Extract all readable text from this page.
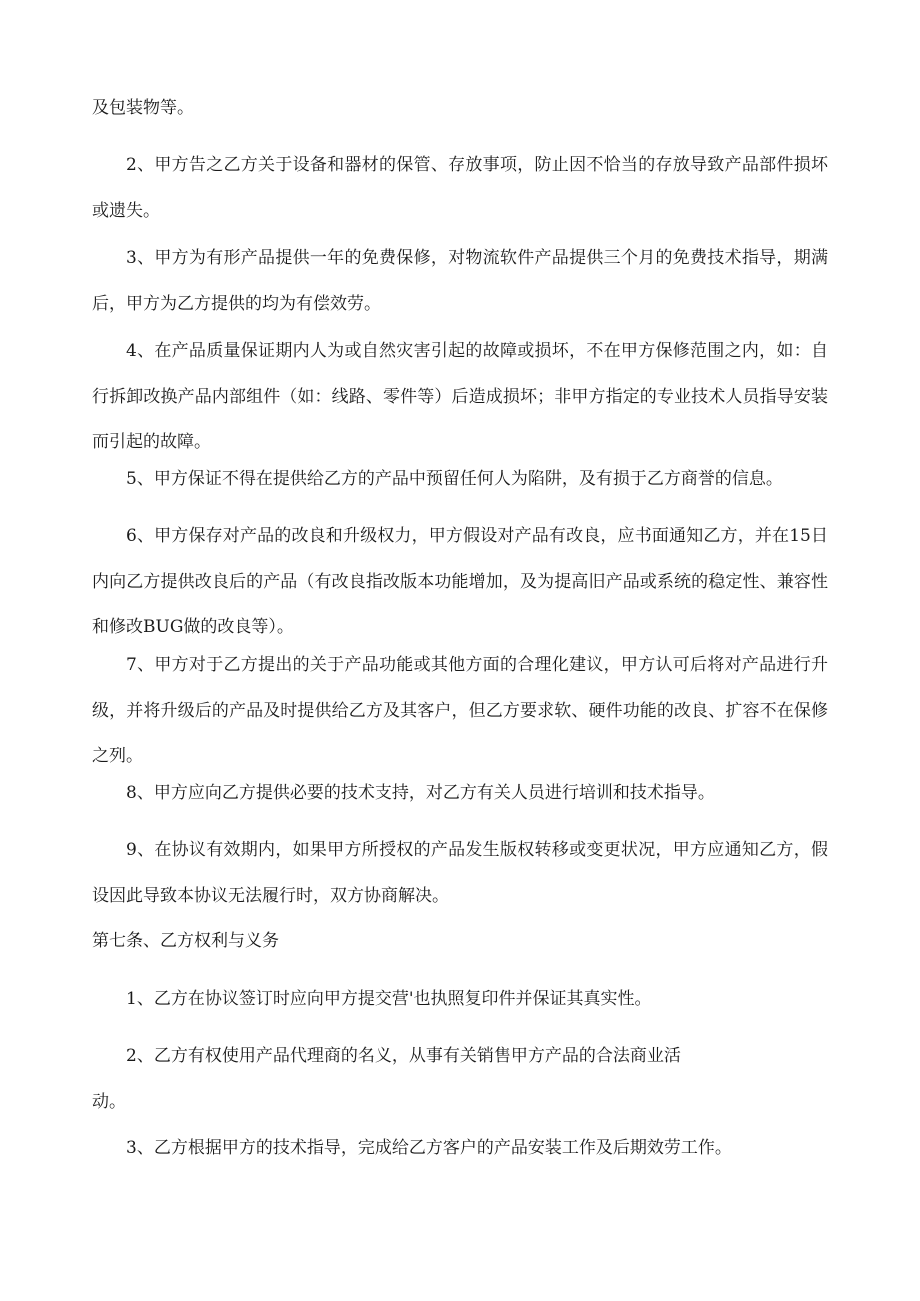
及包装物等。

2、甲方告之乙方关于设备和器材的保管、存放事项，防止因不恰当的存放导致产品部件损坏或遗失。

3、甲方为有形产品提供一年的免费保修，对物流软件产品提供三个月的免费技术指导，期满后，甲方为乙方提供的均为有偿效劳。

4、在产品质量保证期内人为或自然灾害引起的故障或损坏，不在甲方保修范围之内，如：自行拆卸改换产品内部组件（如：线路、零件等）后造成损坏；非甲方指定的专业技术人员指导安装而引起的故障。

5、甲方保证不得在提供给乙方的产品中预留任何人为陷阱，及有损于乙方商誉的信息。

6、甲方保存对产品的改良和升级权力，甲方假设对产品有改良，应书面通知乙方，并在15日内向乙方提供改良后的产品（有改良指改版本功能增加，及为提高旧产品或系统的稳定性、兼容性和修改BUG做的改良等）。

7、甲方对于乙方提出的关于产品功能或其他方面的合理化建议，甲方认可后将对产品进行升级，并将升级后的产品及时提供给乙方及其客户，但乙方要求软、硬件功能的改良、扩容不在保修之列。

8、甲方应向乙方提供必要的技术支持，对乙方有关人员进行培训和技术指导。

9、在协议有效期内，如果甲方所授权的产品发生版权转移或变更状况，甲方应通知乙方，假设因此导致本协议无法履行时，双方协商解决。

第七条、乙方权利与义务

1、乙方在协议签订时应向甲方提交营'也执照复印件并保证其真实性。

2、乙方有权使用产品代理商的名义，从事有关销售甲方产品的合法商业活

动。

3、乙方根据甲方的技术指导，完成给乙方客户的产品安装工作及后期效劳工作。
